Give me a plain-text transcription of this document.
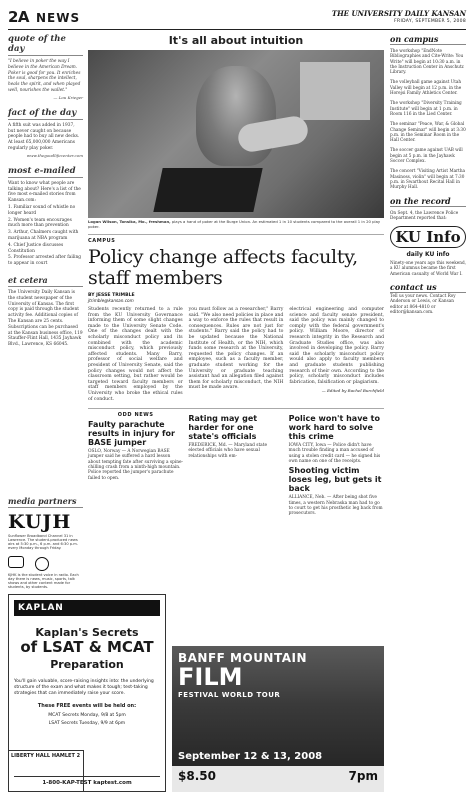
2A NEWS	THE UNIVERSITY DAILY KANSAN
FRIDAY, SEPTEMBER 5, 2008
quote of the day
"I believe in poker the way I believe in the American Dream. Poker is good for you. It enriches the soul, sharpens the intellect, heals the spirit, and when played well, nourishes the wallet."
— Lou Krieger
fact of the day
A fifth suit was added in 1937, but never caught on because people had to buy all new decks. At least 65,000,000 Americans regularly play poker.
www.thegoodlifecenter.com
most e-mailed
Want to know what people are talking about? Here's a list of the five most e-mailed stories from Kansan.com:
1. Familiar sound of whistle no longer heard
2. Women's team encourages much more than prevention
3. Arthur, Chalmers caught with marijuana at NBA program
4. Chief Justice discusses Constitution
5. Professor arrested after failing to appear in court
et cetera
The University Daily Kansan is the student newspaper of the University of Kansas. The first copy is paid through the student activity fee. Additional copies of The Kansan are 25 cents. Subscriptions can be purchased at the Kansan business office, 119 Stauffer-Flint Hall, 1435 Jayhawk Blvd., Lawrence, KS 66045.
media partners
KUJH
Sunflower Broadband Channel 31 in Lawrence. The student-produced news airs at 5:30 p.m., 6 p.m. and 6:30 p.m. every Monday through Friday.

KJHK is the student voice in radio. Each day there is news, music, sports, talk shows and other content made for students, by students.
It's all about intuition
Logan Wilson, Tonsika, Mo., freshman, plays a hand of poker at the Burge Union. An estimated 1 in 10 students compared to the overall 1 in 20 play poker.
CAMPUS
Policy change affects faculty, staff members
BY JESSE TRIMBLE
jtrimble@kansan.com
Students recently returned to a rule from the KU University Governance informing them of some slight changes made to the University Senate Code. One of the changes dealt with the scholarly misconduct policy and its combined with the academic misconduct policy, which previously affected students. Many Barry, professor of social welfare and president of University Senate, said the policy changes would not affect the classroom setting, but rather would be targeted toward faculty members or staff members employed by the University who broke the ethical rules of conduct.
you must follow as a researcher," Barry said. "We also need policies in place and a way to enforce the rules that result in consequences. Rules are not just for students." Barry said the policy had to be updated because the National Institute of Health, or the NIH, which funds some research at the University, requested the policy changes. If an employee, such as a faculty member, graduate student working for the University or graduate teaching assistant had an allegation filed against them for scholarly misconduct, the NIH must be made aware.
electrical engineering and computer science and faculty senate president, said the policy was mainly changed to comply with the federal government's policy. William Moore, director of research integrity in the Research and Graduate Studies office, was also involved in developing the policy. Barry said the scholarly misconduct policy would also apply to faculty members and graduate students publishing research of their own. According to the policy, scholarly misconduct includes fabrication, falsification or plagiarism.
— Edited by Rachel Burchfield
ODD NEWS
Faulty parachute results in injury for BASE jumper
OSLO, Norway — A Norwegian BASE jumper said he suffered a hard lesson about tempting fate after surviving a spine-chilling crash from a ninth-high mountain. Police reported the jumper's parachute failed to open.
Rating may get harder for one state's officials
FREDERICK, Md. — Maryland state elected officials who have sexual relationships with em-
Police won't have to work hard to solve this crime
IOWA CITY, Iowa — Police didn't have much trouble finding a man accused of using a stolen credit card — he signed his own name on one of the receipts.
Shooting victim loses leg, but gets it back
ALLIANCE, Neb. — After being shot five times, a western Nebraska man had to go to court to get his prosthetic leg back from prosecutors.
KAPLAN
Kaplan's Secrets
of LSAT & MCAT
Preparation
You'll gain valuable, score-raising insights into: the underlying structure of the exam and what makes it tough; test-taking strategies that can immediately raise your score.
These FREE events will be held on:
MCAT Secrets Monday, 9/8 at 5pm
LSAT Secrets Tuesday, 9/9 at 6pm
1-800-KAP-TEST kaptest.com
BANFF MOUNTAIN
FILM
FESTIVAL WORLD TOUR
September 12 & 13, 2008
$8.50	7pm
on campus
The workshop "EndNote Bibliographies and Cite-Write: You Write" will begin at 10:30 a.m. in the Instruction Center in Anschutz Library.
The volleyball game against Utah Valley will begin at 12 p.m. in the Horejsi Family Athletics Center.
The workshop "Diversity Training Institute" will begin at 1 p.m. in Room 116 in the Lied Center.
The seminar "Peace, War, & Global Change Seminar" will begin at 3:30 p.m. in the Seminar Room in the Hall Center.
The soccer game against UAB will begin at 5 p.m. in the Jayhawk Soccer Complex.
The concert "Visiting Artist Martha Masinoss, violin" will begin at 7:30 p.m. in Swarthout Recital Hall in Murphy Hall.
on the record
On Sept. 4, the Lawrence Police Department reported that:
KU Info
daily KU info
Ninety-one years ago this weekend, a KU alumnus became the first American casualty of World War I.
contact us
Tell us your news. Contact Roy Anderson or Lewis, or Kansan editor at 864-4810 or editor@kansan.com.
LIBERTY HALL HAMLET 2
